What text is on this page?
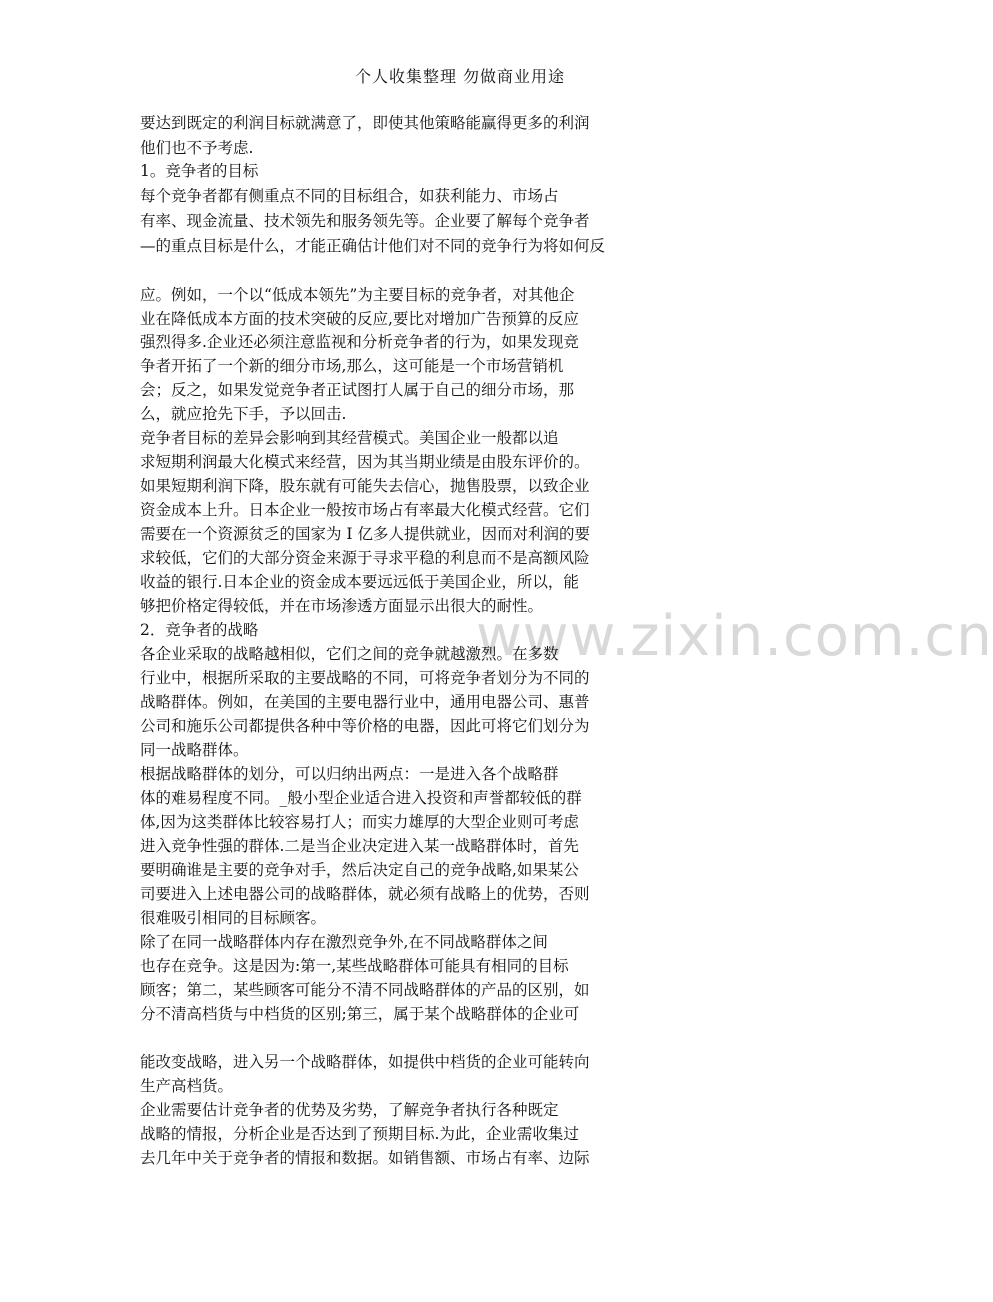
个人收集整理 勿做商业用途
www.zixin.com.cn
要达到既定的利润目标就满意了，即使其他策略能赢得更多的利润
他们也不予考虑.
1。竞争者的目标
每个竞争者都有侧重点不同的目标组合，如获利能力、市场占
有率、现金流量、技术领先和服务领先等。企业要了解每个竞争者
—的重点目标是什么，才能正确估计他们对不同的竞争行为将如何反
应。例如，一个以“低成本领先”为主要目标的竞争者，对其他企
业在降低成本方面的技术突破的反应,要比对增加广告预算的反应
强烈得多.企业还必须注意监视和分析竞争者的行为，如果发现竞
争者开拓了一个新的细分市场,那么，这可能是一个市场营销机
会；反之，如果发觉竞争者正试图打人属于自己的细分市场，那
么，就应抢先下手，予以回击.
竞争者目标的差异会影响到其经营模式。美国企业一般都以追
求短期利润最大化模式来经营，因为其当期业绩是由股东评价的。
如果短期利润下降，股东就有可能失去信心，抛售股票，以致企业
资金成本上升。日本企业一般按市场占有率最大化模式经营。它们
需要在一个资源贫乏的国家为 I 亿多人提供就业，因而对利润的要
求较低，它们的大部分资金来源于寻求平稳的利息而不是高额风险
收益的银行.日本企业的资金成本要远远低于美国企业，所以，能
够把价格定得较低，并在市场渗透方面显示出很大的耐性。
2．竞争者的战略
各企业采取的战略越相似，它们之间的竞争就越激烈。在多数
行业中，根据所采取的主要战略的不同，可将竞争者划分为不同的
战略群体。例如，在美国的主要电器行业中，通用电器公司、惠普
公司和施乐公司都提供各种中等价格的电器，因此可将它们划分为
同一战略群体。
根据战略群体的划分，可以归纳出两点：一是进入各个战略群
体的难易程度不同。_般小型企业适合进入投资和声誉都较低的群
体,因为这类群体比较容易打人；而实力雄厚的大型企业则可考虑
进入竞争性强的群体.二是当企业决定进入某一战略群体时，首先
要明确谁是主要的竞争对手，然后决定自己的竞争战略,如果某公
司要进入上述电器公司的战略群体，就必须有战略上的优势，否则
很难吸引相同的目标顾客。
除了在同一战略群体内存在激烈竞争外,在不同战略群体之间
也存在竞争。这是因为:第一,某些战略群体可能具有相同的目标
顾客；第二，某些顾客可能分不清不同战略群体的产品的区别，如
分不清高档货与中档货的区别;第三，属于某个战略群体的企业可
能改变战略，进入另一个战略群体，如提供中档货的企业可能转向
生产高档货。
企业需要估计竞争者的优势及劣势，了解竞争者执行各种既定
战略的情报，分析企业是否达到了预期目标.为此，企业需收集过
去几年中关于竞争者的情报和数据。如销售额、市场占有率、边际
